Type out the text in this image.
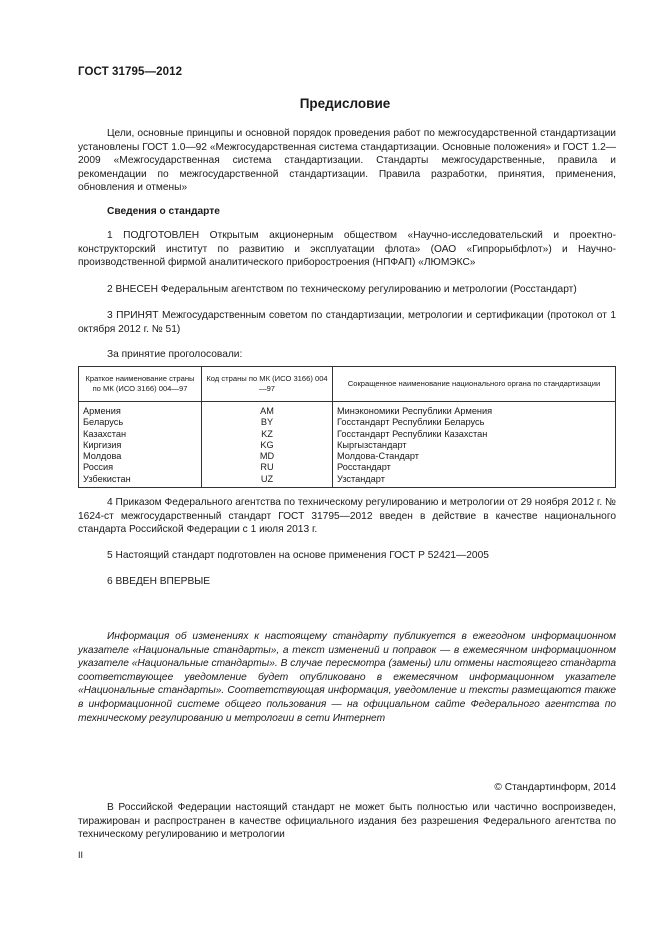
ГОСТ 31795—2012
Предисловие

Цели, основные принципы и основной порядок проведения работ по межгосударственной стандартизации установлены ГОСТ 1.0—92 «Межгосударственная система стандартизации. Основные положения» и ГОСТ 1.2—2009 «Межгосударственная система стандартизации. Стандарты межгосударственные, правила и рекомендации по межгосударственной стандартизации. Правила разработки, принятия, применения, обновления и отмены»

Сведения о стандарте

1 ПОДГОТОВЛЕН Открытым акционерным обществом «Научно-исследовательский и проектно-конструкторский институт по развитию и эксплуатации флота» (ОАО «Гипрорыбфлот») и Научно-производственной фирмой аналитического приборостроения (НПФАП) «ЛЮМЭКС»

2 ВНЕСЕН Федеральным агентством по техническому регулированию и метрологии (Росстандарт)

3 ПРИНЯТ Межгосударственным советом по стандартизации, метрологии и сертификации (протокол от 1 октября 2012 г. № 51)

За принятие проголосовали:

Краткое наименование страны по МК (ИСО 3166) 004—97	Код страны по МК (ИСО 3166) 004—97	Сокращенное наименование национального органа по стандартизации
Армения	AM	Минэкономики Республики Армения
Беларусь	BY	Госстандарт Республики Беларусь
Казахстан	KZ	Госстандарт Республики Казахстан
Киргизия	KG	Кыргызстандарт
Молдова	MD	Молдова-Стандарт
Россия	RU	Росстандарт
Узбекистан	UZ	Узстандарт

4 Приказом Федерального агентства по техническому регулированию и метрологии от 29 ноября 2012 г. № 1624-ст межгосударственный стандарт ГОСТ 31795—2012 введен в действие в качестве национального стандарта Российской Федерации с 1 июля 2013 г.

5 Настоящий стандарт подготовлен на основе применения ГОСТ Р 52421—2005

6 ВВЕДЕН ВПЕРВЫЕ

Информация об изменениях к настоящему стандарту публикуется в ежегодном информационном указателе «Национальные стандарты», а текст изменений и поправок — в ежемесячном информационном указателе «Национальные стандарты». В случае пересмотра (замены) или отмены настоящего стандарта соответствующее уведомление будет опубликовано в ежемесячном информационном указателе «Национальные стандарты». Соответствующая информация, уведомление и тексты размещаются также в информационной системе общего пользования — на официальном сайте Федерального агентства по техническому регулированию и метрологии в сети Интернет

© Стандартинформ, 2014

В Российской Федерации настоящий стандарт не может быть полностью или частично воспроизведен, тиражирован и распространен в качестве официального издания без разрешения Федерального агентства по техническому регулированию и метрологии

II
